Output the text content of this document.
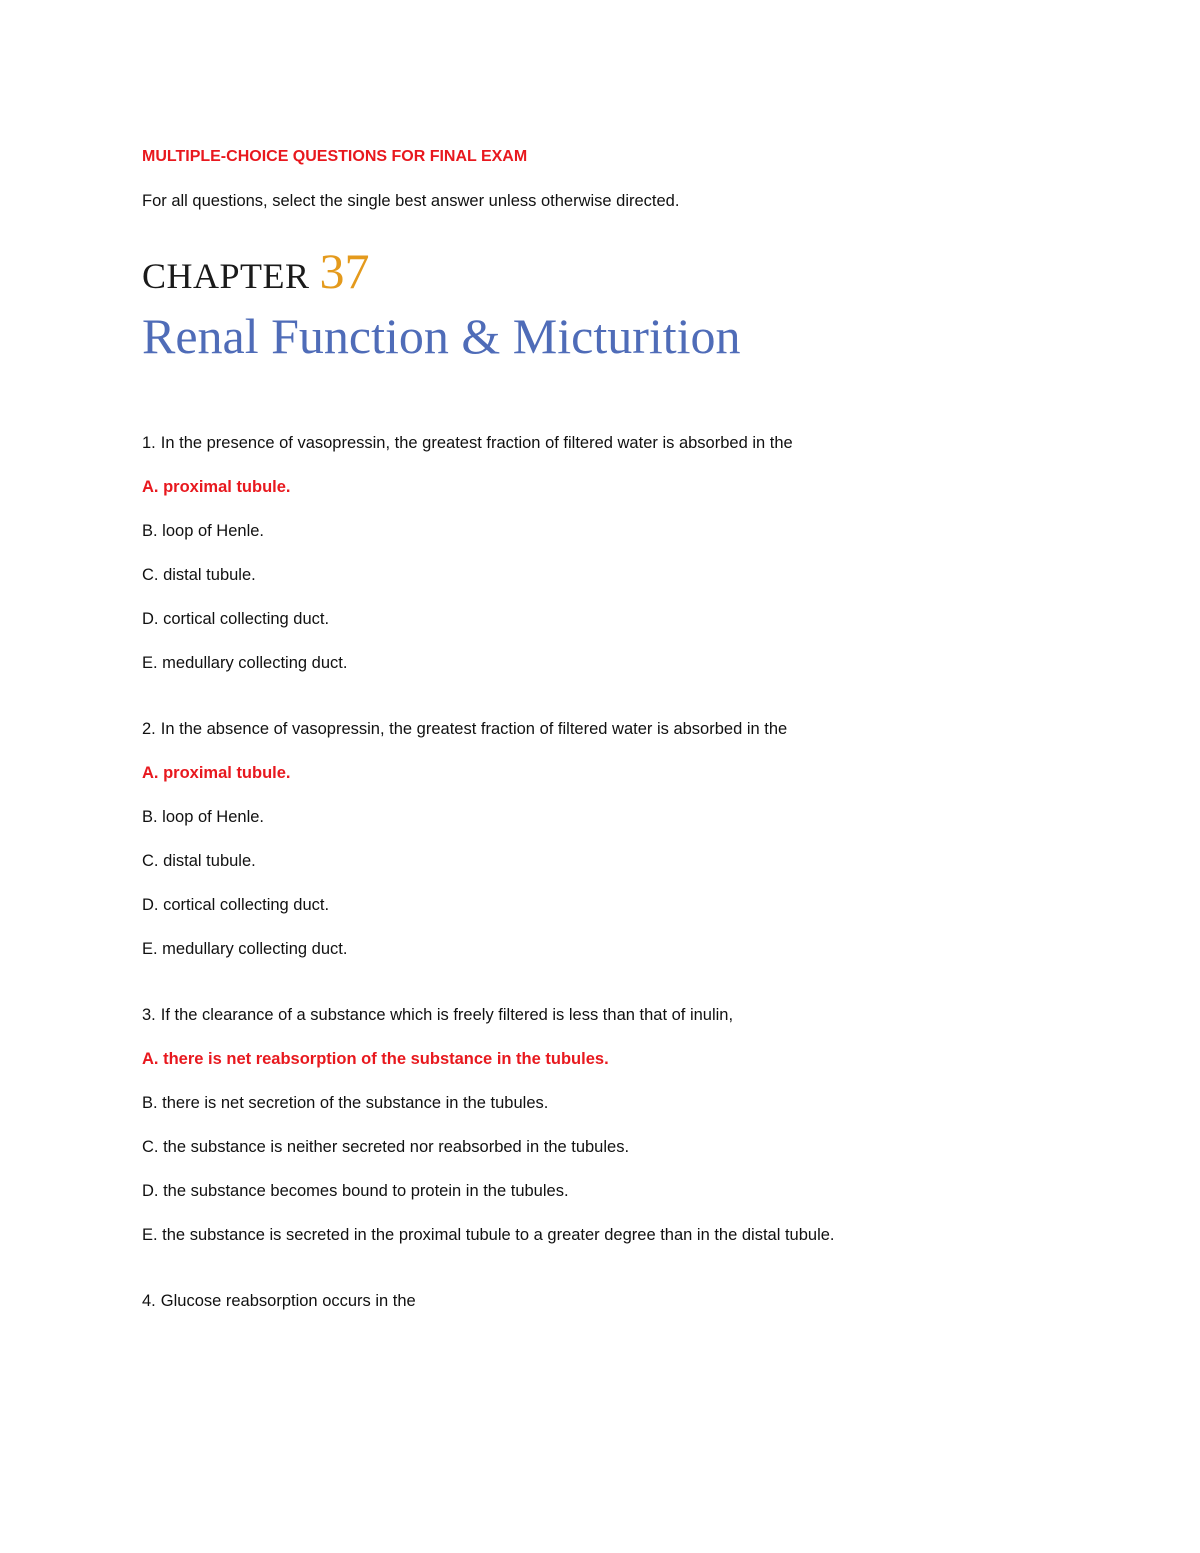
MULTIPLE-CHOICE QUESTIONS FOR FINAL EXAM

For all questions, select the single best answer unless otherwise directed.

CHAPTER 37
Renal Function & Micturition

1. In the presence of vasopressin, the greatest fraction of filtered water is absorbed in the

A. proximal tubule.

B. loop of Henle.

C. distal tubule.

D. cortical collecting duct.

E. medullary collecting duct.

2. In the absence of vasopressin, the greatest fraction of filtered water is absorbed in the

A. proximal tubule.

B. loop of Henle.

C. distal tubule.

D. cortical collecting duct.

E. medullary collecting duct.

3. If the clearance of a substance which is freely filtered is less than that of inulin,

A. there is net reabsorption of the substance in the tubules.

B. there is net secretion of the substance in the tubules.

C. the substance is neither secreted nor reabsorbed in the tubules.

D. the substance becomes bound to protein in the tubules.

E. the substance is secreted in the proximal tubule to a greater degree than in the distal tubule.

4. Glucose reabsorption occurs in the
